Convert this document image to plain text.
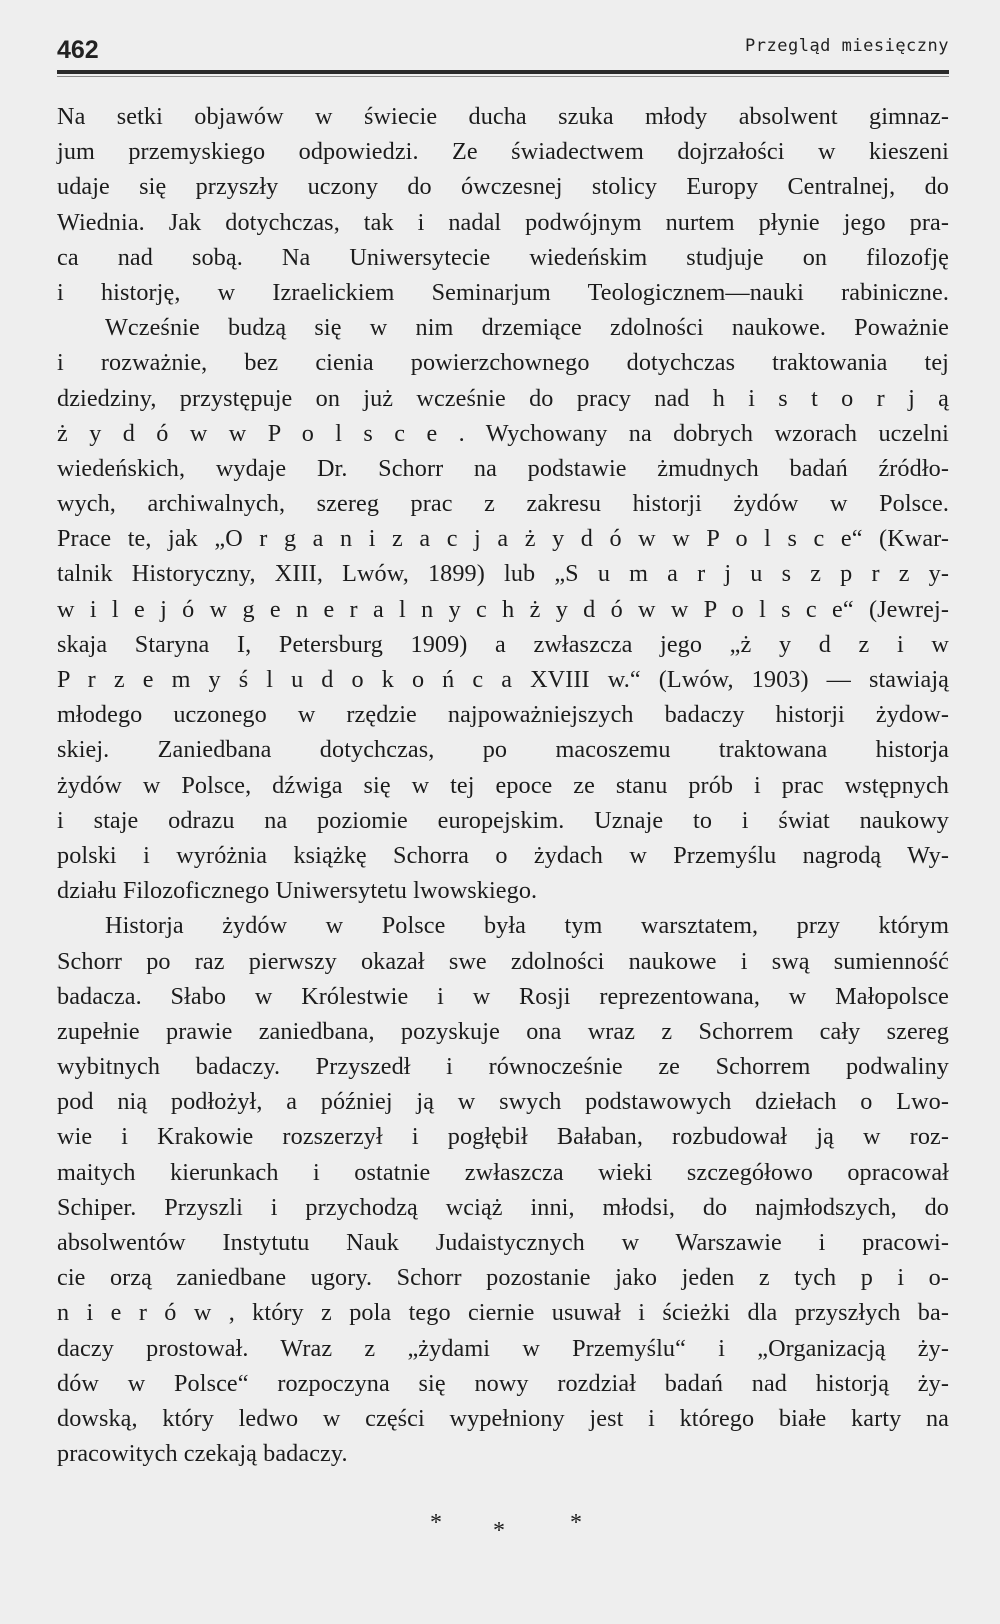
462	Przegląd miesięczny
Na setki objawów w świecie ducha szuka młody absolwent gimnaz-
jum przemyskiego odpowiedzi. Ze świadectwem dojrzałości w kieszeni
udaje się przyszły uczony do ówczesnej stolicy Europy Centralnej, do
Wiednia. Jak dotychczas, tak i nadal podwójnym nurtem płynie jego pra-
ca nad sobą. Na Uniwersytecie wiedeńskim studjuje on filozofję
i historję, w Izraelickiem Seminarjum Teologicznem—nauki rabiniczne.
Wcześnie budzą się w nim drzemiące zdolności naukowe. Poważnie
i rozważnie, bez cienia powierzchownego dotychczas traktowania tej
dziedziny, przystępuje on już wcześnie do pracy nad h i s t o r j ą
ż y d ó w w P o l s c e . Wychowany na dobrych wzorach uczelni
wiedeńskich, wydaje Dr. Schorr na podstawie żmudnych badań źródło-
wych, archiwalnych, szereg prac z zakresu historji żydów w Polsce.
Prace te, jak „O r g a n i z a c j a ż y d ó w w P o l s c e“ (Kwar-
talnik Historyczny, XIII, Lwów, 1899) lub „S u m a r j u s z p r z y-
w i l e j ó w g e n e r a l n y c h ż y d ó w w P o l s c e“ (Jewrej-
skaja Staryna I, Petersburg 1909) a zwłaszcza jego „ż y d z i w
P r z e m y ś l u d o k o ń c a XVIII w.“ (Lwów, 1903) — stawiają
młodego uczonego w rzędzie najpoważniejszych badaczy historji żydow-
skiej. Zaniedbana dotychczas, po macoszemu traktowana historja
żydów w Polsce, dźwiga się w tej epoce ze stanu prób i prac wstępnych
i staje odrazu na poziomie europejskim. Uznaje to i świat naukowy
polski i wyróżnia książkę Schorra o żydach w Przemyślu nagrodą Wy-
działu Filozoficznego Uniwersytetu lwowskiego.
Historja żydów w Polsce była tym warsztatem, przy którym
Schorr po raz pierwszy okazał swe zdolności naukowe i swą sumienność
badacza. Słabo w Królestwie i w Rosji reprezentowana, w Małopolsce
zupełnie prawie zaniedbana, pozyskuje ona wraz z Schorrem cały szereg
wybitnych badaczy. Przyszedł i równocześnie ze Schorrem podwaliny
pod nią podłożył, a później ją w swych podstawowych dziełach o Lwo-
wie i Krakowie rozszerzył i pogłębił Bałaban, rozbudował ją w roz-
maitych kierunkach i ostatnie zwłaszcza wieki szczegółowo opracował
Schiper. Przyszli i przychodzą wciąż inni, młodsi, do najmłodszych, do
absolwentów Instytutu Nauk Judaistycznych w Warszawie i pracowi-
cie orzą zaniedbane ugory. Schorr pozostanie jako jeden z tych p i o-
n i e r ó w , który z pola tego ciernie usuwał i ścieżki dla przyszłych ba-
daczy prostował. Wraz z „żydami w Przemyślu“ i „Organizacją ży-
dów w Polsce“ rozpoczyna się nowy rozdział badań nad historją ży-
dowską, który ledwo w części wypełniony jest i którego białe karty na
pracowitych czekają badaczy.
* *	*
